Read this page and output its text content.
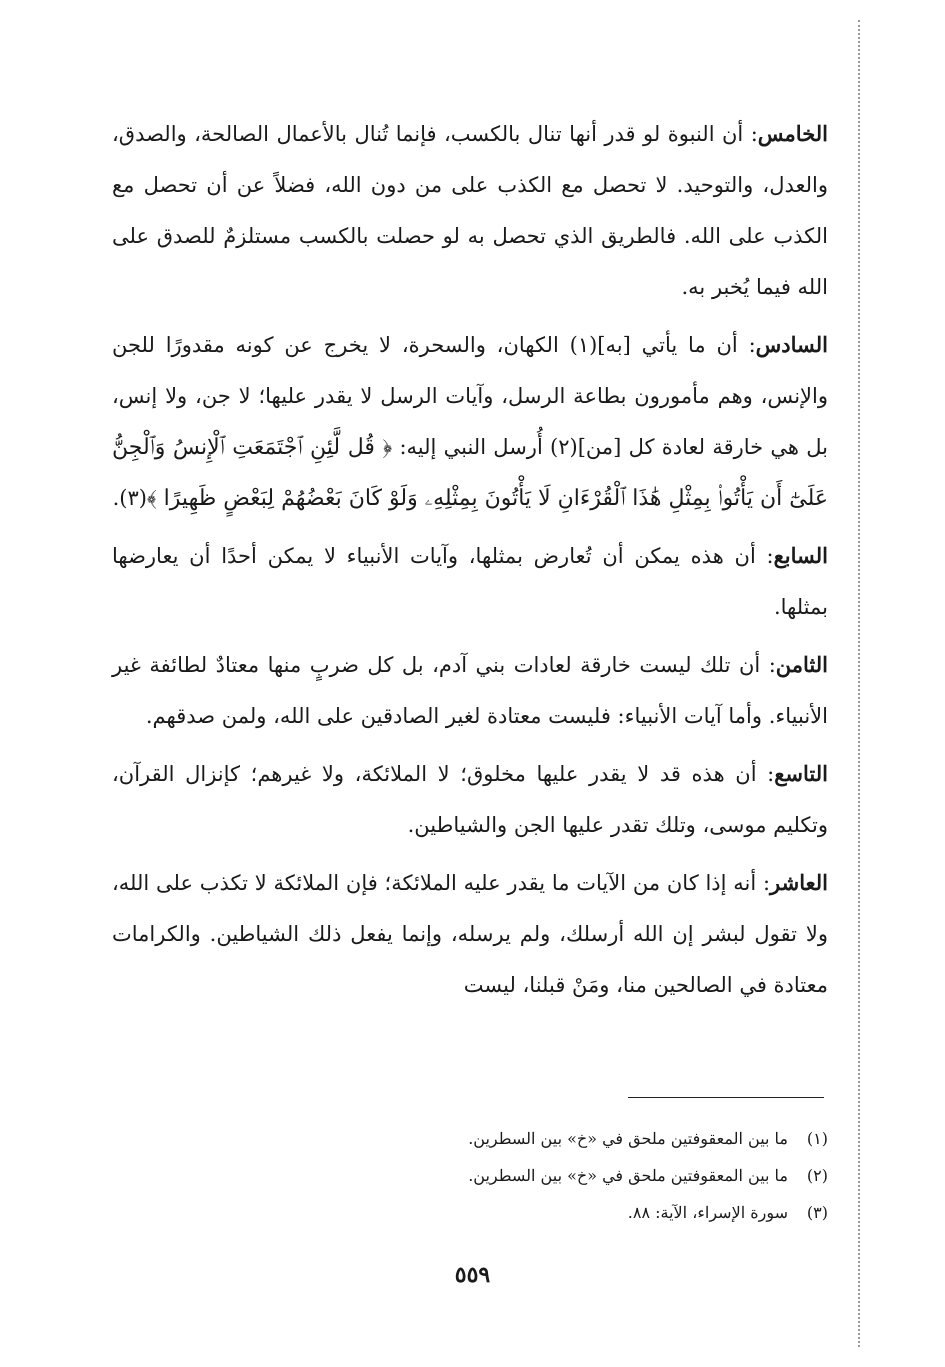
الخامس: أن النبوة لو قدر أنها تنال بالكسب، فإنما تُنال بالأعمال الصالحة، والصدق، والعدل، والتوحيد. لا تحصل مع الكذب على من دون الله، فضلاً عن أن تحصل مع الكذب على الله. فالطريق الذي تحصل به لو حصلت بالكسب مستلزمٌ للصدق على الله فيما يُخبر به.

السادس: أن ما يأتي [به](١) الكهان، والسحرة، لا يخرج عن كونه مقدورًا للجن والإنس، وهم مأمورون بطاعة الرسل، وآيات الرسل لا يقدر عليها؛ لا جن، ولا إنس، بل هي خارقة لعادة كل [من](٢) أُرسل النبي إليه: ﴿ قُل لَّئِنِ ٱجْتَمَعَتِ ٱلْإِنسُ وَٱلْجِنُّ عَلَىٰٓ أَن يَأْتُوا۟ بِمِثْلِ هَٰذَا ٱلْقُرْءَانِ لَا يَأْتُونَ بِمِثْلِهِۦ وَلَوْ كَانَ بَعْضُهُمْ لِبَعْضٍ ظَهِيرًا ﴾(٣).

السابع: أن هذه يمكن أن تُعارض بمثلها، وآيات الأنبياء لا يمكن أحدًا أن يعارضها بمثلها.

الثامن: أن تلك ليست خارقة لعادات بني آدم، بل كل ضربٍ منها معتادٌ لطائفة غير الأنبياء. وأما آيات الأنبياء: فليست معتادة لغير الصادقين على الله، ولمن صدقهم.

التاسع: أن هذه قد لا يقدر عليها مخلوق؛ لا الملائكة، ولا غيرهم؛ كإنزال القرآن، وتكليم موسى، وتلك تقدر عليها الجن والشياطين.

العاشر: أنه إذا كان من الآيات ما يقدر عليه الملائكة؛ فإن الملائكة لا تكذب على الله، ولا تقول لبشر إن الله أرسلك، ولم يرسله، وإنما يفعل ذلك الشياطين. والكرامات معتادة في الصالحين منا، ومَنْ قبلنا، ليست

(١)ما بين المعقوفتين ملحق في «خ» بين السطرين.
(٢)ما بين المعقوفتين ملحق في «خ» بين السطرين.
(٣)سورة الإسراء، الآية: ٨٨.
٥٥٩
